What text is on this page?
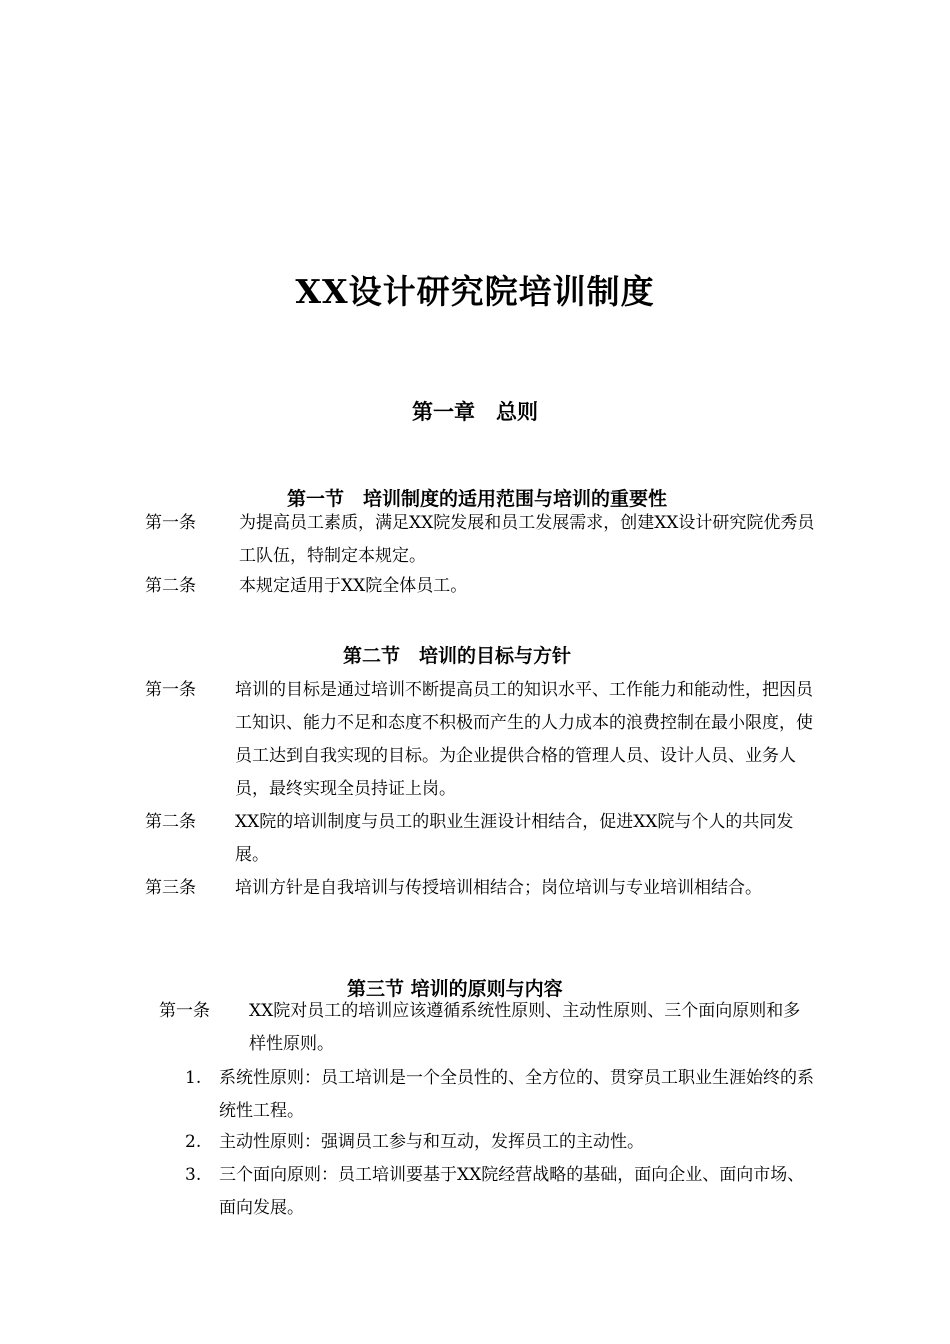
XX设计研究院培训制度
第一章　总则
第一节　培训制度的适用范围与培训的重要性
第一条	为提高员工素质，满足XX院发展和员工发展需求，创建XX设计研究院优秀员工队伍，特制定本规定。
第二条	本规定适用于XX院全体员工。
第二节　培训的目标与方针
第一条 培训的目标是通过培训不断提高员工的知识水平、工作能力和能动性，把因员工知识、能力不足和态度不积极而产生的人力成本的浪费控制在最小限度，使员工达到自我实现的目标。为企业提供合格的管理人员、设计人员、业务人员，最终实现全员持证上岗。
第二条 XX院的培训制度与员工的职业生涯设计相结合，促进XX院与个人的共同发展。
第三条 培训方针是自我培训与传授培训相结合；岗位培训与专业培训相结合。
第三节 培训的原则与内容
第一条 XX院对员工的培训应该遵循系统性原则、主动性原则、三个面向原则和多样性原则。
1. 系统性原则：员工培训是一个全员性的、全方位的、贯穿员工职业生涯始终的系统性工程。
2. 主动性原则：强调员工参与和互动，发挥员工的主动性。
3. 三个面向原则：员工培训要基于XX院经营战略的基础，面向企业、面向市场、面向发展。
